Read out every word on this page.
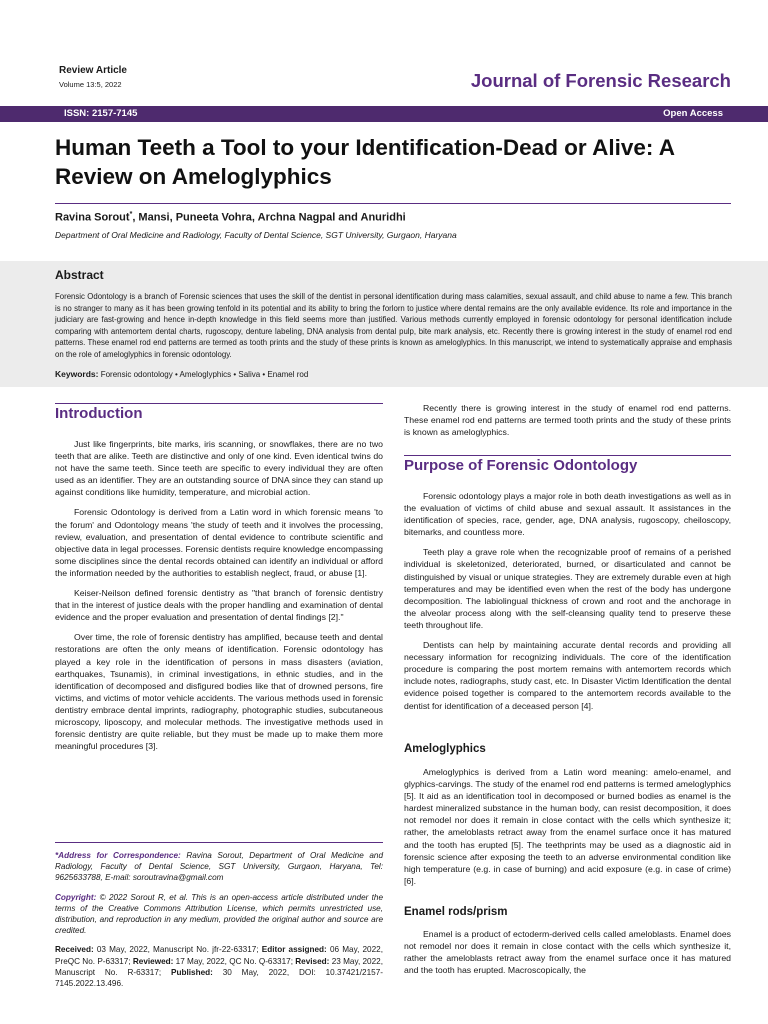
Review Article
Volume 13:5, 2022	Journal of Forensic Research
ISSN: 2157-7145	Open Access
Human Teeth a Tool to your Identification-Dead or Alive: A Review on Ameloglyphics
Ravina Sorout*, Mansi, Puneeta Vohra, Archna Nagpal and Anuridhi
Department of Oral Medicine and Radiology, Faculty of Dental Science, SGT University, Gurgaon, Haryana
Abstract
Forensic Odontology is a branch of Forensic sciences that uses the skill of the dentist in personal identification during mass calamities, sexual assault, and child abuse to name a few. This branch is no stranger to many as it has been growing tenfold in its potential and its ability to bring the forlorn to justice where dental remains are the only available evidence. Its role and importance in the judiciary are fast-growing and hence in-depth knowledge in this field seems more than justified. Various methods currently employed in forensic odontology for personal identification include comparing with antemortem dental charts, rugoscopy, denture labeling, DNA analysis from dental pulp, bite mark analysis, etc. Recently there is growing interest in the study of enamel rod end patterns. These enamel rod end patterns are termed as tooth prints and the study of these prints is known as ameloglyphics. In this manuscript, we intend to systematically appraise and emphasis on the role of ameloglyphics in forensic odontology.
Keywords: Forensic odontology • Ameloglyphics • Saliva • Enamel rod
Introduction

Just like fingerprints, bite marks, iris scanning, or snowflakes, there are no two teeth that are alike. Teeth are distinctive and only of one kind. Even identical twins do not have the same teeth. Since teeth are specific to every individual they are often used as an identifier. They are an outstanding source of DNA since they can stand up against conditions like humidity, temperature, and microbial action.

Forensic Odontology is derived from a Latin word in which forensic means 'to the forum' and Odontology means 'the study of teeth and it involves the processing, review, evaluation, and presentation of dental evidence to contribute scientific and objective data in legal processes. Forensic dentists require knowledge encompassing some disciplines since the dental records obtained can identify an individual or afford the information needed by the authorities to establish neglect, fraud, or abuse [1].

Keiser-Neilson defined forensic dentistry as "that branch of forensic dentistry that in the interest of justice deals with the proper handling and examination of dental evidence and the proper evaluation and presentation of dental findings [2]."

Over time, the role of forensic dentistry has amplified, because teeth and dental restorations are often the only means of identification. Forensic odontology has played a key role in the identification of persons in mass disasters (aviation, earthquakes, Tsunamis), in criminal investigations, in ethnic studies, and in the identification of decomposed and disfigured bodies like that of drowned persons, fire victims, and victims of motor vehicle accidents. The various methods used in forensic dentistry embrace dental imprints, radiography, photographic studies, subcutaneous microscopy, liposcopy, and molecular methods. The investigative methods used in forensic dentistry are quite reliable, but they must be made up to make them more meaningful procedures [3].

*Address for Correspondence: Ravina Sorout, Department of Oral Medicine and Radiology, Faculty of Dental Science, SGT University, Gurgaon, Haryana, Tel: 9625633788, E-mail: soroutravina@gmail.com

Copyright: © 2022 Sorout R, et al. This is an open-access article distributed under the terms of the Creative Commons Attribution License, which permits unrestricted use, distribution, and reproduction in any medium, provided the original author and source are credited.

Received: 03 May, 2022, Manuscript No. jfr-22-63317; Editor assigned: 06 May, 2022, PreQC No. P-63317; Reviewed: 17 May, 2022, QC No. Q-63317; Revised: 23 May, 2022, Manuscript No. R-63317; Published: 30 May, 2022, DOI: 10.37421/2157-7145.2022.13.496.

Recently there is growing interest in the study of enamel rod end patterns. These enamel rod end patterns are termed tooth prints and the study of these prints is known as ameloglyphics.

Purpose of Forensic Odontology

Forensic odontology plays a major role in both death investigations as well as in the evaluation of victims of child abuse and sexual assault. It assistances in the identification of species, race, gender, age, DNA analysis, rugoscopy, cheiloscopy, bitemarks, and countless more.

Teeth play a grave role when the recognizable proof of remains of a perished individual is skeletonized, deteriorated, burned, or disarticulated and cannot be distinguished by visual or unique strategies. They are extremely durable even at high temperatures and may be identified even when the rest of the body has undergone decomposition. The labiolingual thickness of crown and root and the anchorage in the alveolar process along with the self-cleansing quality tend to preserve these teeth throughout life.

Dentists can help by maintaining accurate dental records and providing all necessary information for recognizing individuals. The core of the identification procedure is comparing the post mortem remains with antemortem records which include notes, radiographs, study cast, etc. In Disaster Victim Identification the dental evidence poised together is compared to the antemortem records available to the dentist for identification of a deceased person [4].

Ameloglyphics

Ameloglyphics is derived from a Latin word meaning: amelo-enamel, and glyphics-carvings. The study of the enamel rod end patterns is termed ameloglyphics [5]. It aid as an identification tool in decomposed or burned bodies as enamel is the hardest mineralized substance in the human body, can resist decomposition, it does not remodel nor does it remain in close contact with the cells which synthesize it; rather, the ameloblasts retract away from the enamel surface once it has matured and the tooth has erupted [5]. The teethprints may be used as a diagnostic aid in forensic science after exposing the teeth to an adverse environmental condition like high temperature (e.g. in case of burning) and acid exposure (e.g. in case of crime) [6].

Enamel rods/prism

Enamel is a product of ectoderm-derived cells called ameloblasts. Enamel does not remodel nor does it remain in close contact with the cells which synthesize it, rather the ameloblasts retract away from the enamel surface once it has matured and the tooth has erupted. Macroscopically, the
